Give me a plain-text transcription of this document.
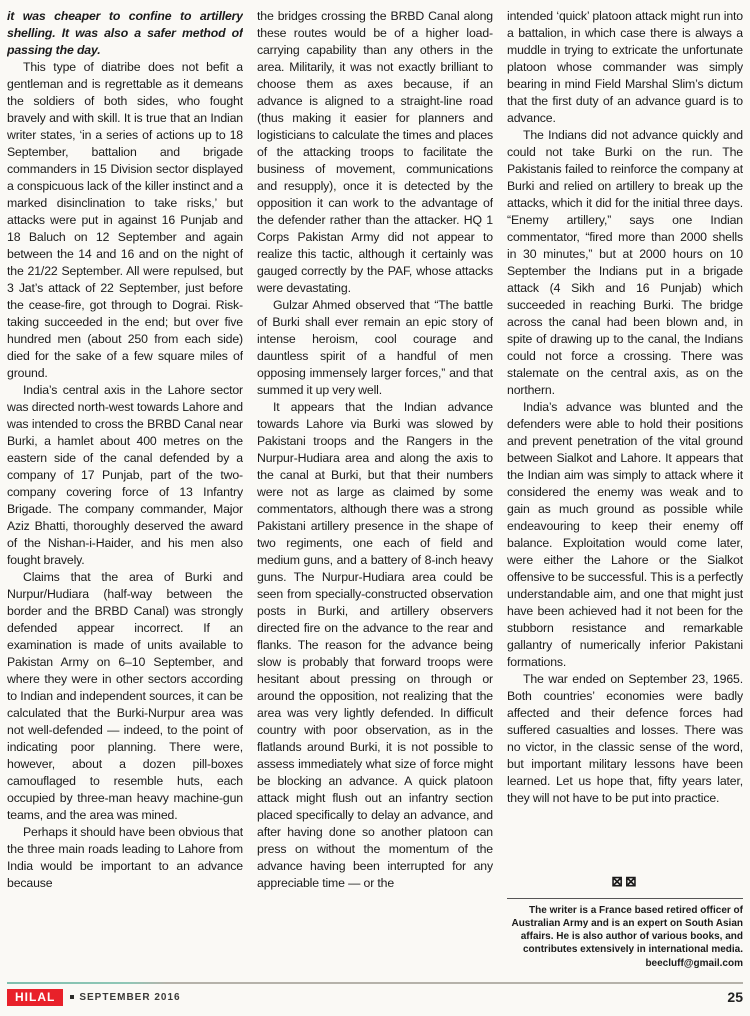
it was cheaper to confine to artillery shelling. It was also a safer method of passing the day.

This type of diatribe does not befit a gentleman and is regrettable as it demeans the soldiers of both sides, who fought bravely and with skill. It is true that an Indian writer states, ‘in a series of actions up to 18 September, battalion and brigade commanders in 15 Division sector displayed a conspicuous lack of the killer instinct and a marked disinclination to take risks,’ but attacks were put in against 16 Punjab and 18 Baluch on 12 September and again between the 14 and 16 and on the night of the 21/22 September. All were repulsed, but 3 Jat’s attack of 22 September, just before the cease-fire, got through to Dograi. Risk-taking succeeded in the end; but over five hundred men (about 250 from each side) died for the sake of a few square miles of ground.

India’s central axis in the Lahore sector was directed north-west towards Lahore and was intended to cross the BRBD Canal near Burki, a hamlet about 400 metres on the eastern side of the canal defended by a company of 17 Punjab, part of the two-company covering force of 13 Infantry Brigade. The company commander, Major Aziz Bhatti, thoroughly deserved the award of the Nishan-i-Haider, and his men also fought bravely.

Claims that the area of Burki and Nurpur/Hudiara (half-way between the border and the BRBD Canal) was strongly defended appear incorrect. If an examination is made of units available to Pakistan Army on 6–10 September, and where they were in other sectors according to Indian and independent sources, it can be calculated that the Burki-Nurpur area was not well-defended — indeed, to the point of indicating poor planning. There were, however, about a dozen pill-boxes camouflaged to resemble huts, each occupied by three-man heavy machine-gun teams, and the area was mined.

Perhaps it should have been obvious that the three main roads leading to Lahore from India would be important to an advance because

the bridges crossing the BRBD Canal along these routes would be of a higher load-carrying capability than any others in the area. Militarily, it was not exactly brilliant to choose them as axes because, if an advance is aligned to a straight-line road (thus making it easier for planners and logisticians to calculate the times and places of the attacking troops to facilitate the business of movement, communications and resupply), once it is detected by the opposition it can work to the advantage of the defender rather than the attacker. HQ 1 Corps Pakistan Army did not appear to realize this tactic, although it certainly was gauged correctly by the PAF, whose attacks were devastating.

Gulzar Ahmed observed that “The battle of Burki shall ever remain an epic story of intense heroism, cool courage and dauntless spirit of a handful of men opposing immensely larger forces,” and that summed it up very well.

It appears that the Indian advance towards Lahore via Burki was slowed by Pakistani troops and the Rangers in the Nurpur-Hudiara area and along the axis to the canal at Burki, but that their numbers were not as large as claimed by some commentators, although there was a strong Pakistani artillery presence in the shape of two regiments, one each of field and medium guns, and a battery of 8-inch heavy guns. The Nurpur-Hudiara area could be seen from specially-constructed observation posts in Burki, and artillery observers directed fire on the advance to the rear and flanks. The reason for the advance being slow is probably that forward troops were hesitant about pressing on through or around the opposition, not realizing that the area was very lightly defended. In difficult country with poor observation, as in the flatlands around Burki, it is not possible to assess immediately what size of force might be blocking an advance. A quick platoon attack might flush out an infantry section placed specifically to delay an advance, and after having done so another platoon can press on without the momentum of the advance having been interrupted for any appreciable time — or the

intended ‘quick’ platoon attack might run into a battalion, in which case there is always a muddle in trying to extricate the unfortunate platoon whose commander was simply bearing in mind Field Marshal Slim’s dictum that the first duty of an advance guard is to advance.

The Indians did not advance quickly and could not take Burki on the run. The Pakistanis failed to reinforce the company at Burki and relied on artillery to break up the attacks, which it did for the initial three days. “Enemy artillery,” says one Indian commentator, “fired more than 2000 shells in 30 minutes,” but at 2000 hours on 10 September the Indians put in a brigade attack (4 Sikh and 16 Punjab) which succeeded in reaching Burki. The bridge across the canal had been blown and, in spite of drawing up to the canal, the Indians could not force a crossing. There was stalemate on the central axis, as on the northern.

India’s advance was blunted and the defenders were able to hold their positions and prevent penetration of the vital ground between Sialkot and Lahore. It appears that the Indian aim was simply to attack where it considered the enemy was weak and to gain as much ground as possible while endeavouring to keep their enemy off balance. Exploitation would come later, were either the Lahore or the Sialkot offensive to be successful. This is a perfectly understandable aim, and one that might just have been achieved had it not been for the stubborn resistance and remarkable gallantry of numerically inferior Pakistani formations.

The war ended on September 23, 1965. Both countries’ economies were badly affected and their defence forces had suffered casualties and losses. There was no victor, in the classic sense of the word, but important military lessons have been learned. Let us hope that, fifty years later, they will not have to be put into practice.

⊠⊠
The writer is a France based retired officer of Australian Army and is an expert on South Asian affairs. He is also author of various books, and contributes extensively in international media.
beecluff@gmail.com
HILAL	SEPTEMBER 2016	25
